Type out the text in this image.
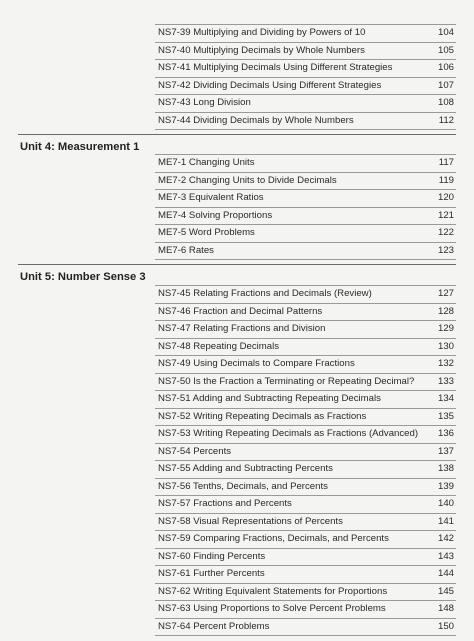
NS7-39 Multiplying and Dividing by Powers of 10	104
NS7-40 Multiplying Decimals by Whole Numbers	105
NS7-41 Multiplying Decimals Using Different Strategies	106
NS7-42 Dividing Decimals Using Different Strategies	107
NS7-43 Long Division	108
NS7-44 Dividing Decimals by Whole Numbers	112
Unit 4: Measurement 1
ME7-1 Changing Units	117
ME7-2 Changing Units to Divide Decimals	119
ME7-3 Equivalent Ratios	120
ME7-4 Solving Proportions	121
ME7-5 Word Problems	122
ME7-6 Rates	123
Unit 5: Number Sense 3
NS7-45 Relating Fractions and Decimals (Review)	127
NS7-46 Fraction and Decimal Patterns	128
NS7-47 Relating Fractions and Division	129
NS7-48 Repeating Decimals	130
NS7-49 Using Decimals to Compare Fractions	132
NS7-50 Is the Fraction a Terminating or Repeating Decimal? 133
NS7-51 Adding and Subtracting Repeating Decimals	134
NS7-52 Writing Repeating Decimals as Fractions	135
NS7-53 Writing Repeating Decimals as Fractions (Advanced) 136
NS7-54 Percents	137
NS7-55 Adding and Subtracting Percents	138
NS7-56 Tenths, Decimals, and Percents	139
NS7-57 Fractions and Percents	140
NS7-58 Visual Representations of Percents	141
NS7-59 Comparing Fractions, Decimals, and Percents	142
NS7-60 Finding Percents	143
NS7-61 Further Percents	144
NS7-62 Writing Equivalent Statements for Proportions	145
NS7-63 Using Proportions to Solve Percent Problems	148
NS7-64 Percent Problems	150
